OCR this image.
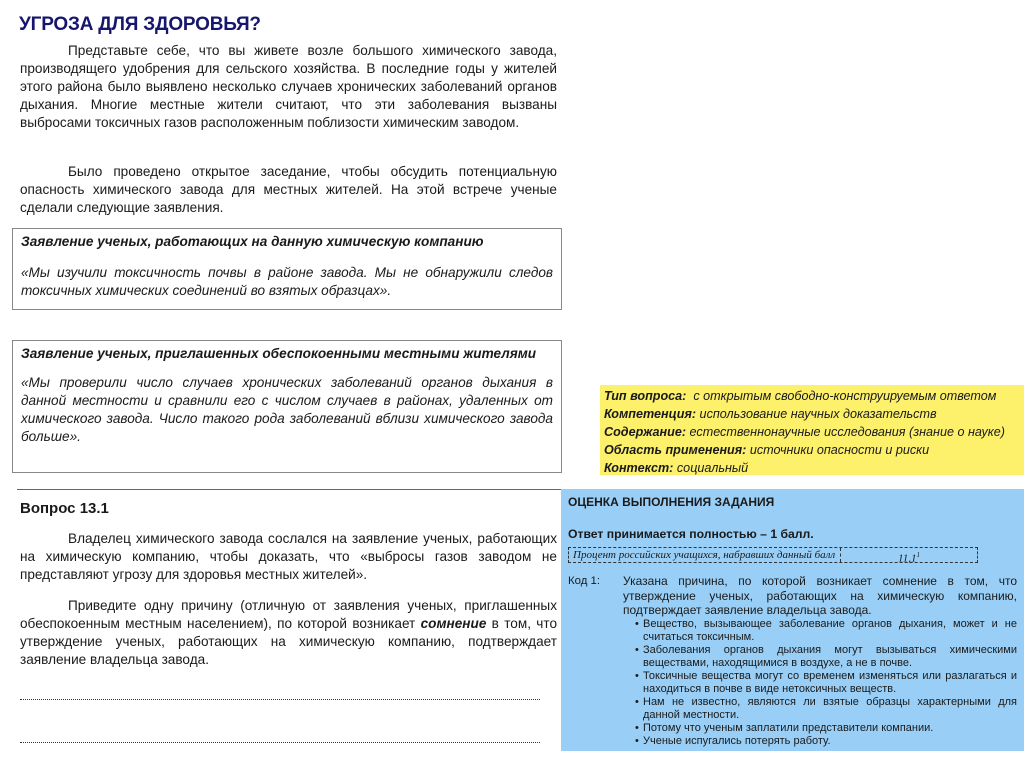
УГРОЗА ДЛЯ ЗДОРОВЬЯ?

Представьте себе, что вы живете возле большого химического завода, производящего удобрения для сельского хозяйства. В последние годы у жителей этого района было выявлено несколько случаев хронических заболеваний органов дыхания. Многие местные жители считают, что эти заболевания вызваны выбросами токсичных газов расположенным поблизости химическим заводом.

Было проведено открытое заседание, чтобы обсудить потенциальную опасность химического завода для местных жителей. На этой встрече ученые сделали следующие заявления.

Заявление ученых, работающих на данную химическую компанию

«Мы изучили токсичность почвы в районе завода. Мы не обнаружили следов токсичных химических соединений во взятых образцах».

Заявление ученых, приглашенных обеспокоенными местными жителями

«Мы проверили число случаев хронических заболеваний органов дыхания в данной местности и сравнили его с числом случаев в районах, удаленных от химического завода. Число такого рода заболеваний вблизи химического завода больше».

Вопрос 13.1

Владелец химического завода сослался на заявление ученых, работающих на химическую компанию, чтобы доказать, что «выбросы газов заводом не представляют угрозу для здоровья местных жителей».

Приведите одну причину (отличную от заявления ученых, приглашенных обеспокоенным местным населением), по которой возникает сомнение в том, что утверждение ученых, работающих на химическую компанию, подтверждает заявление владельца завода.

Тип вопроса:  с открытым свободно-конструируемым ответом
Компетенция: использование научных доказательств
Содержание: естественнонаучные исследования (знание о науке)
Область применения: источники опасности и риски
Контекст: социальный

ОЦЕНКА ВЫПОЛНЕНИЯ ЗАДАНИЯ

Ответ принимается полностью – 1 балл.

Процент российских учащихся, набравших данный балл	11,1$^1$
Код 1:	Указана причина, по которой возникает сомнение в том, что утверждение ученых, работающих на химическую компанию, подтверждает заявление владельца завода.

• Вещество, вызывающее заболевание органов дыхания, может и не считаться токсичным.
• Заболевания органов дыхания могут вызываться химическими веществами, находящимися в воздухе, а не в почве.
• Токсичные вещества могут со временем изменяться или разлагаться и находиться в почве в виде нетоксичных веществ.
• Нам не известно, являются ли взятые образцы характерными для данной местности.
• Потому что ученым заплатили представители компании.
• Ученые испугались потерять работу.
